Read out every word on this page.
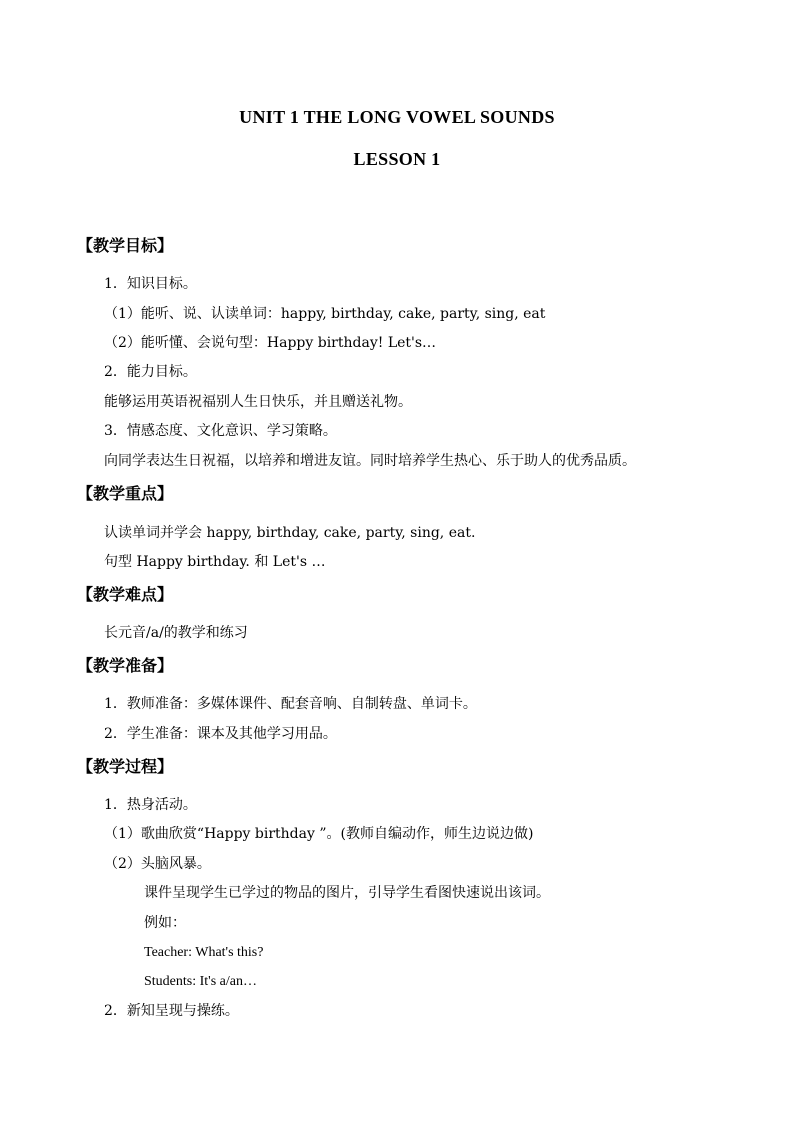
UNIT 1 THE LONG VOWEL SOUNDS
LESSON 1
【教学目标】
1．知识目标。
（1）能听、说、认读单词：happy, birthday, cake, party, sing, eat
（2）能听懂、会说句型：Happy birthday! Let's…
2．能力目标。
能够运用英语祝福别人生日快乐，并且赠送礼物。
3．情感态度、文化意识、学习策略。
向同学表达生日祝福，以培养和增进友谊。同时培养学生热心、乐于助人的优秀品质。
【教学重点】
认读单词并学会 happy, birthday, cake, party, sing, eat.
句型 Happy birthday. 和 Let's …
【教学难点】
长元音/a/的教学和练习
【教学准备】
1．教师准备：多媒体课件、配套音响、自制转盘、单词卡。
2．学生准备：课本及其他学习用品。
【教学过程】
1．热身活动。
（1）歌曲欣赏“Happy birthday ”。(教师自编动作，师生边说边做)
（2）头脑风暴。
课件呈现学生已学过的物品的图片，引导学生看图快速说出该词。
例如：
Teacher: What's this?
Students: It's a/an…
2．新知呈现与操练。
